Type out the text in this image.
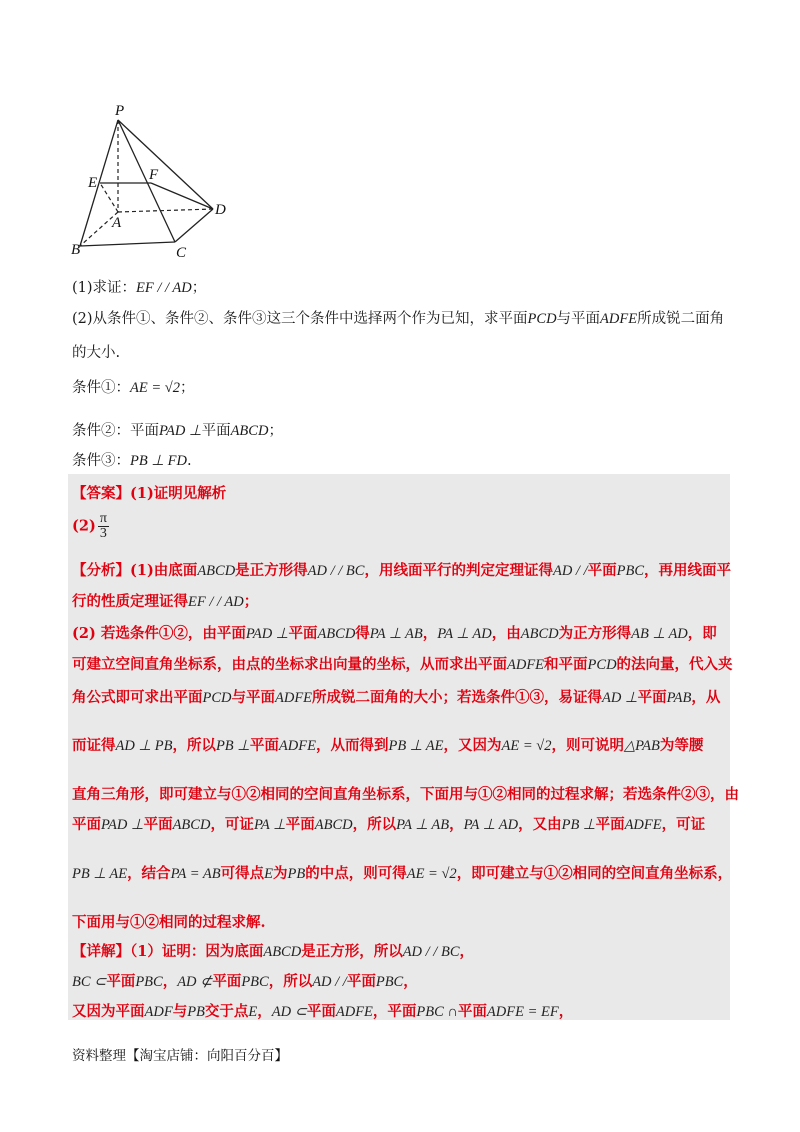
P
E	F
D
A
B	C
(1)求证：EF / / AD；
(2)从条件①、条件②、条件③这三个条件中选择两个作为已知，求平面PCD与平面ADFE所成锐二面角
的大小.
条件①：AE = √2；
条件②：平面PAD ⊥平面ABCD；
条件③：PB ⊥ FD.
【答案】(1)证明见解析
$(2) \frac{\pi}{3}$
【分析】(1)由底面ABCD是正方形得AD / / BC，用线面平行的判定定理证得AD / /平面PBC，再用线面平
行的性质定理证得EF / / AD；
(2) 若选条件①②，由平面PAD ⊥平面ABCD得PA ⊥ AB，PA ⊥ AD，由ABCD为正方形得AB ⊥ AD，即
可建立空间直角坐标系，由点的坐标求出向量的坐标，从而求出平面ADFE和平面PCD的法向量，代入夹
角公式即可求出平面PCD与平面ADFE所成锐二面角的大小；若选条件①③，易证得AD ⊥平面PAB，从
而证得AD ⊥ PB，所以PB ⊥平面ADFE，从而得到PB ⊥ AE，又因为AE = √2，则可说明△PAB为等腰
直角三角形，即可建立与①②相同的空间直角坐标系，下面用与①②相同的过程求解；若选条件②③，由
平面PAD ⊥平面ABCD，可证PA ⊥平面ABCD，所以PA ⊥ AB，PA ⊥ AD，又由PB ⊥平面ADFE，可证
PB ⊥ AE，结合PA = AB可得点E为PB的中点，则可得AE = √2，即可建立与①②相同的空间直角坐标系，
下面用与①②相同的过程求解.
【详解】（1）证明：因为底面ABCD是正方形，所以AD / / BC，
BC ⊂平面PBC，AD ⊄平面PBC，所以AD / /平面PBC，
又因为平面ADF与PB交于点E，AD ⊂平面ADFE，平面PBC ∩平面ADFE = EF，
资料整理【淘宝店铺：向阳百分百】
